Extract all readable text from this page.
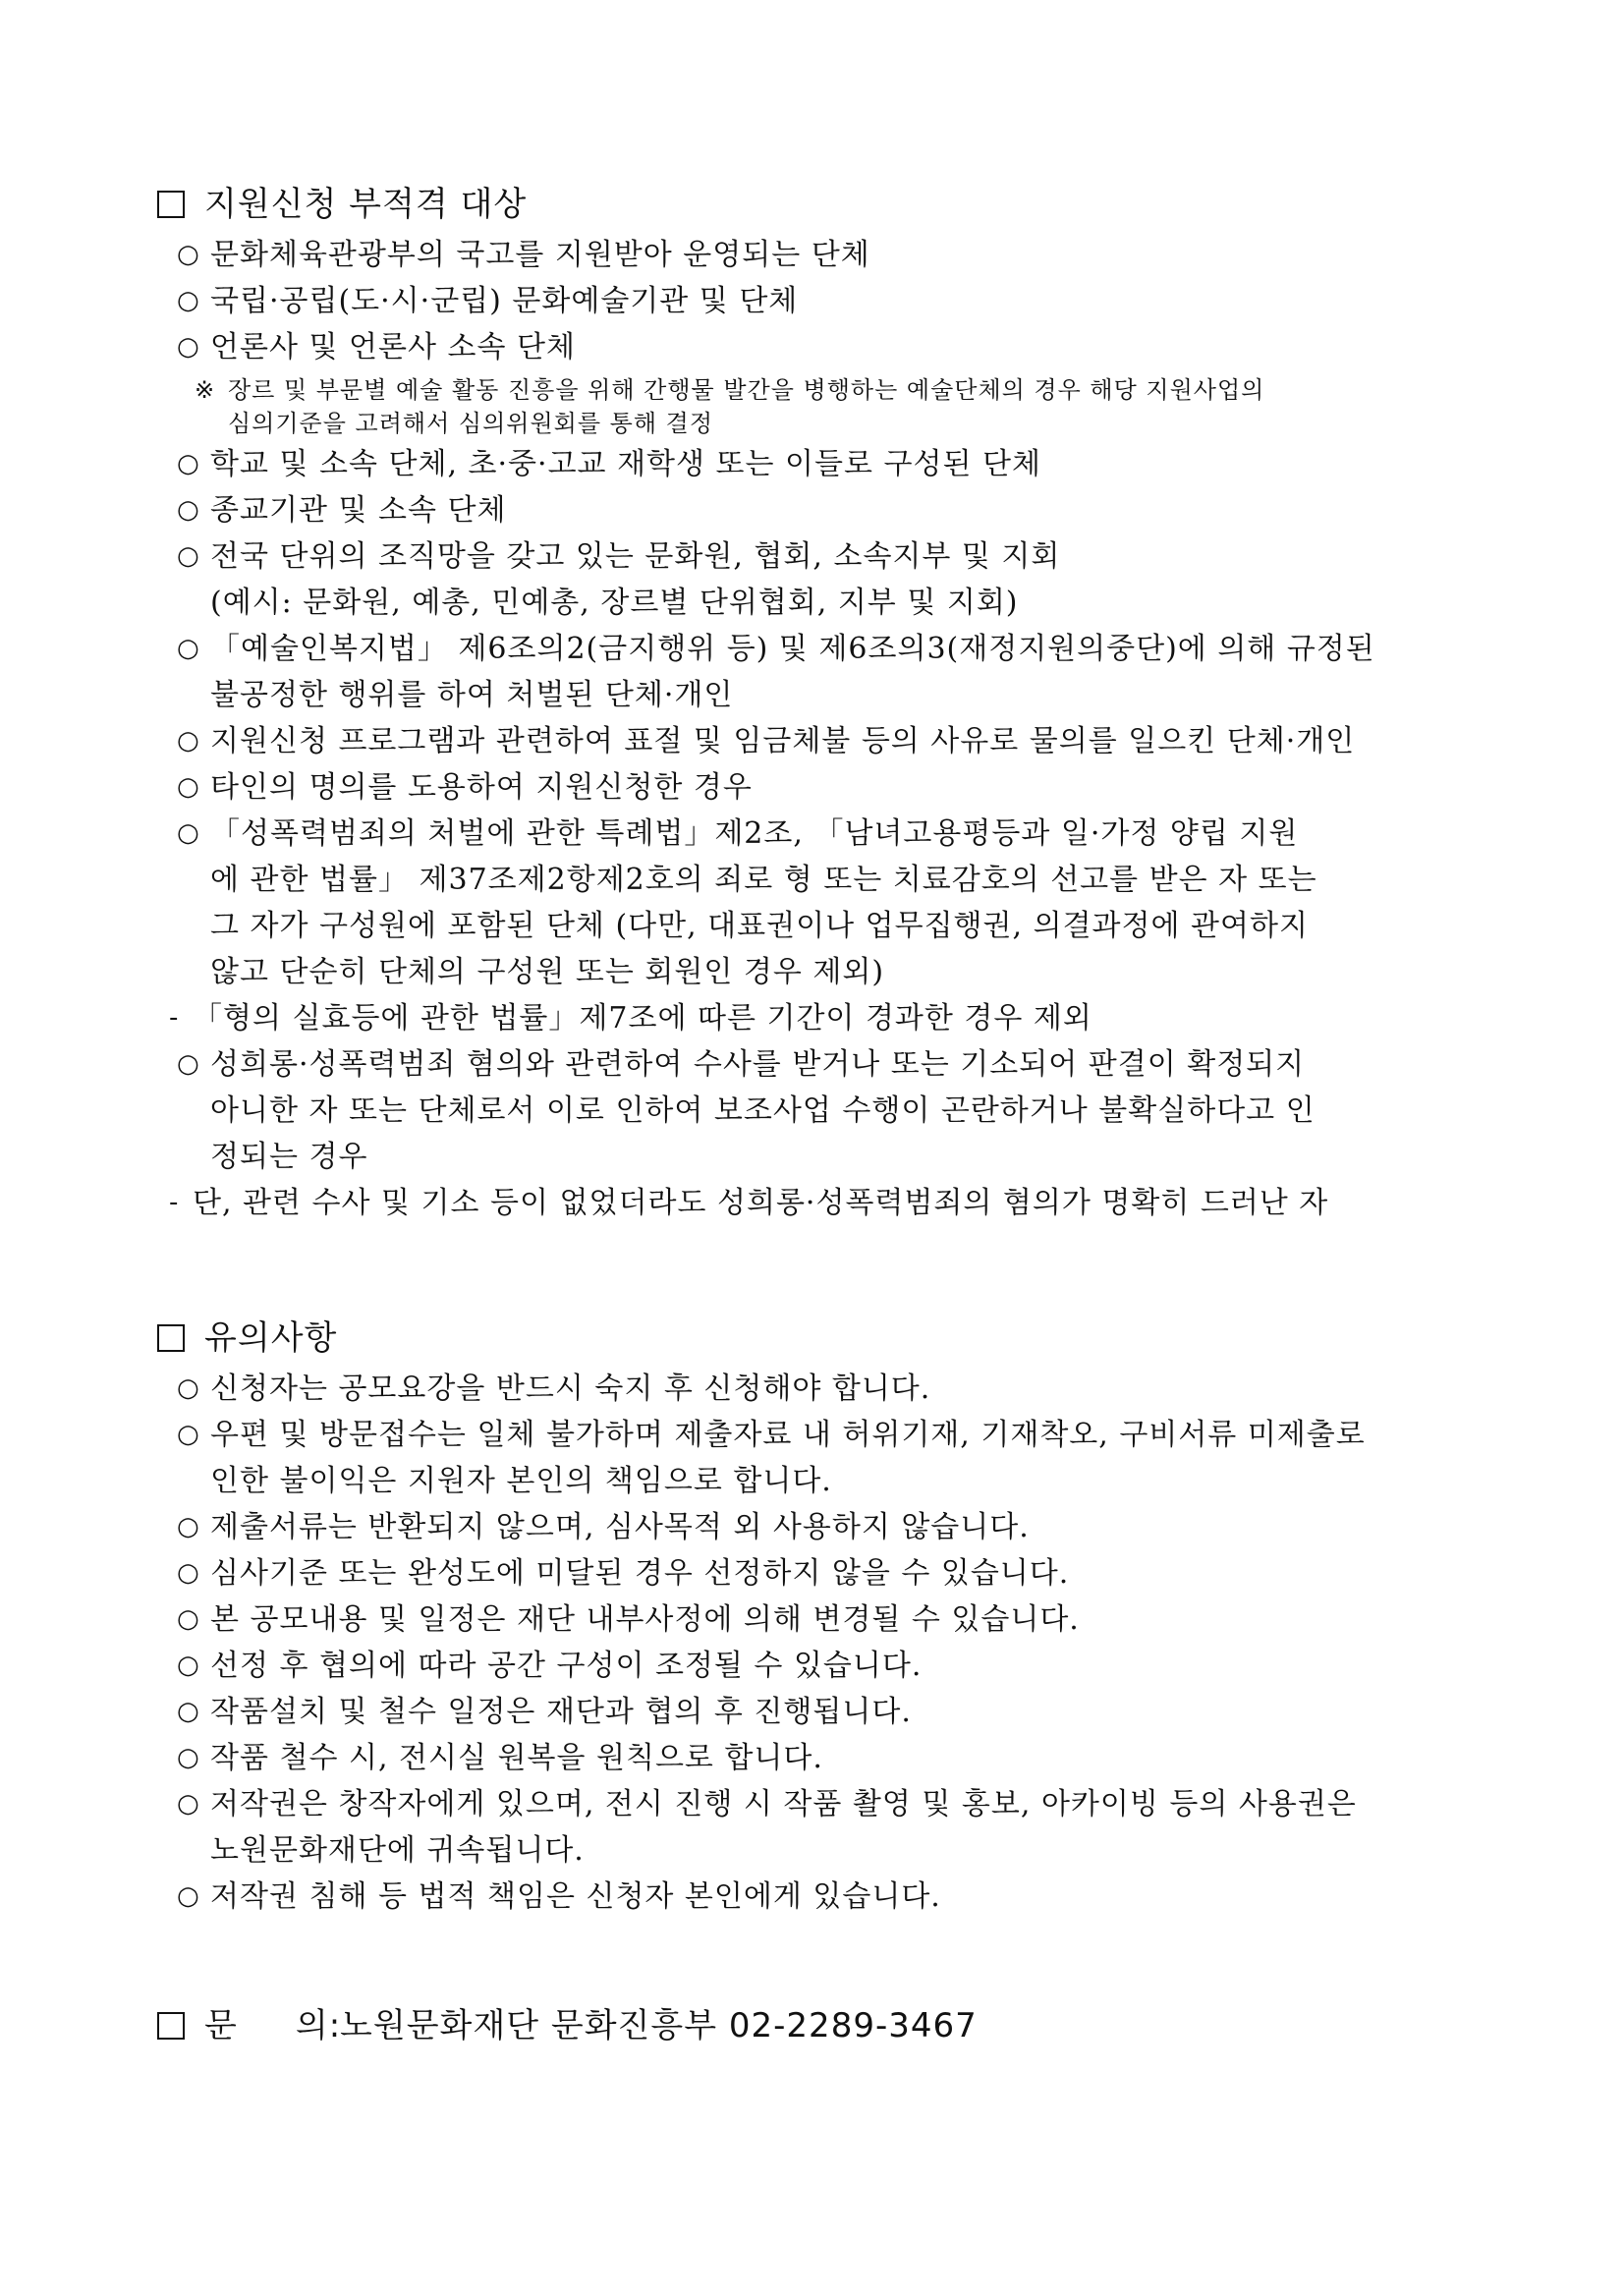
지원신청 부적격 대상
○ 문화체육관광부의 국고를 지원받아 운영되는 단체
○ 국립·공립(도·시·군립) 문화예술기관 및 단체
○ 언론사 및 언론사 소속 단체
※ 장르 및 부문별 예술 활동 진흥을 위해 간행물 발간을 병행하는 예술단체의 경우 해당 지원사업의
심의기준을 고려해서 심의위원회를 통해 결정
○ 학교 및 소속 단체, 초·중·고교 재학생 또는 이들로 구성된 단체
○ 종교기관 및 소속 단체
○ 전국 단위의 조직망을 갖고 있는 문화원, 협회, 소속지부 및 지회
(예시: 문화원, 예총, 민예총, 장르별 단위협회, 지부 및 지회)
○ 「예술인복지법」 제6조의2(금지행위 등) 및 제6조의3(재정지원의중단)에 의해 규정된
불공정한 행위를 하여 처벌된 단체·개인
○ 지원신청 프로그램과 관련하여 표절 및 임금체불 등의 사유로 물의를 일으킨 단체·개인
○ 타인의 명의를 도용하여 지원신청한 경우
○ 「성폭력범죄의 처벌에 관한 특례법」제2조, 「남녀고용평등과 일·가정 양립 지원
에 관한 법률」 제37조제2항제2호의 죄로 형 또는 치료감호의 선고를 받은 자 또는
그 자가 구성원에 포함된 단체 (다만, 대표권이나 업무집행권, 의결과정에 관여하지
않고 단순히 단체의 구성원 또는 회원인 경우 제외)
- 「형의 실효등에 관한 법률」제7조에 따른 기간이 경과한 경우 제외
○ 성희롱·성폭력범죄 혐의와 관련하여 수사를 받거나 또는 기소되어 판결이 확정되지
아니한 자 또는 단체로서 이로 인하여 보조사업 수행이 곤란하거나 불확실하다고 인
정되는 경우
- 단, 관련 수사 및 기소 등이 없었더라도 성희롱·성폭력범죄의 혐의가 명확히 드러난 자
유의사항
○ 신청자는 공모요강을 반드시 숙지 후 신청해야 합니다.
○ 우편 및 방문접수는 일체 불가하며 제출자료 내 허위기재, 기재착오, 구비서류 미제출로
인한 불이익은 지원자 본인의 책임으로 합니다.
○ 제출서류는 반환되지 않으며, 심사목적 외 사용하지 않습니다.
○ 심사기준 또는 완성도에 미달된 경우 선정하지 않을 수 있습니다.
○ 본 공모내용 및 일정은 재단 내부사정에 의해 변경될 수 있습니다.
○ 선정 후 협의에 따라 공간 구성이 조정될 수 있습니다.
○ 작품설치 및 철수 일정은 재단과 협의 후 진행됩니다.
○ 작품 철수 시, 전시실 원복을 원칙으로 합니다.
○ 저작권은 창작자에게 있으며, 전시 진행 시 작품 촬영 및 홍보, 아카이빙 등의 사용권은
노원문화재단에 귀속됩니다.
○ 저작권 침해 등 법적 책임은 신청자 본인에게 있습니다.
문     의:
노원문화재단 문화진흥부 02-2289-3467
